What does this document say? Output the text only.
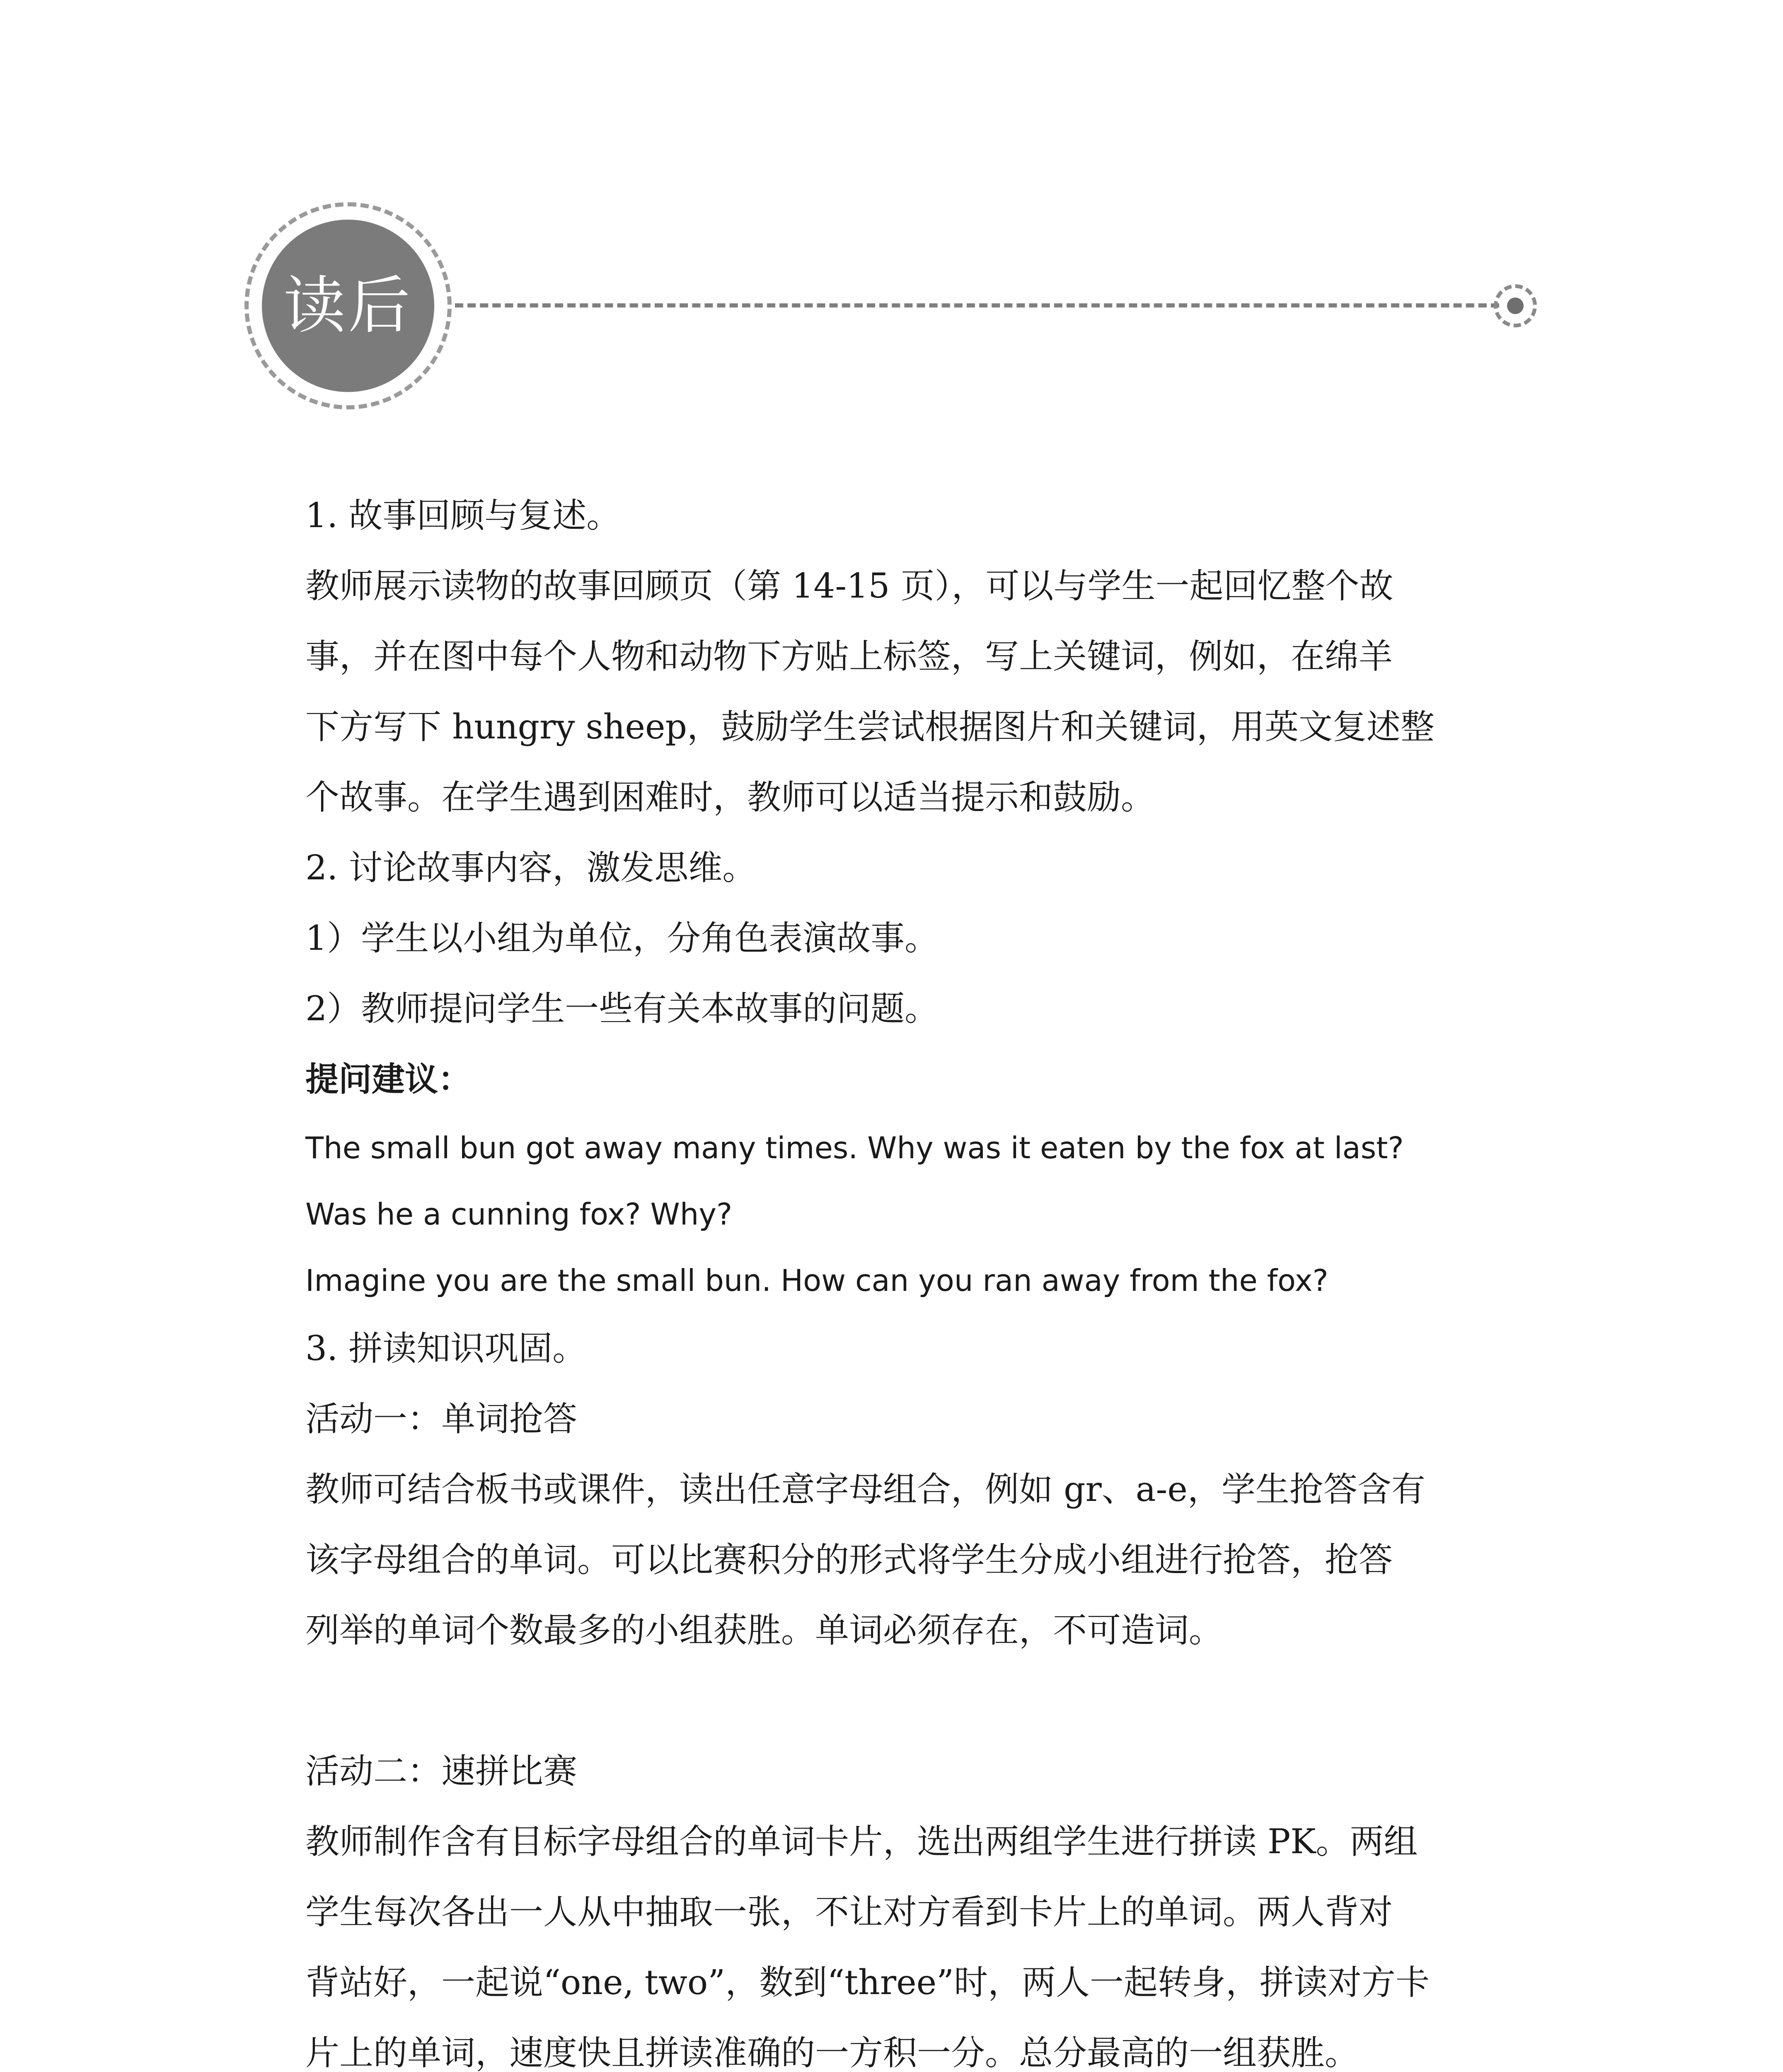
读后

1. 故事回顾与复述。

教师展示读物的故事回顾页（第 14-15 页），可以与学生一起回忆整个故

事，并在图中每个人物和动物下方贴上标签，写上关键词，例如，在绵羊

下方写下 hungry sheep，鼓励学生尝试根据图片和关键词，用英文复述整

个故事。在学生遇到困难时，教师可以适当提示和鼓励。

2. 讨论故事内容，激发思维。

1）学生以小组为单位，分角色表演故事。

2）教师提问学生一些有关本故事的问题。

提问建议：

The small bun got away many times. Why was it eaten by the fox at last?

Was he a cunning fox? Why?

Imagine you are the small bun. How can you ran away from the fox?

3. 拼读知识巩固。

活动一：单词抢答

教师可结合板书或课件，读出任意字母组合，例如 gr、a-e，学生抢答含有

该字母组合的单词。可以比赛积分的形式将学生分成小组进行抢答，抢答

列举的单词个数最多的小组获胜。单词必须存在，不可造词。

活动二：速拼比赛

教师制作含有目标字母组合的单词卡片，选出两组学生进行拼读 PK。两组

学生每次各出一人从中抽取一张，不让对方看到卡片上的单词。两人背对

背站好，一起说“one, two”，数到“three”时，两人一起转身，拼读对方卡

片上的单词，速度快且拼读准确的一方积一分。总分最高的一组获胜。
